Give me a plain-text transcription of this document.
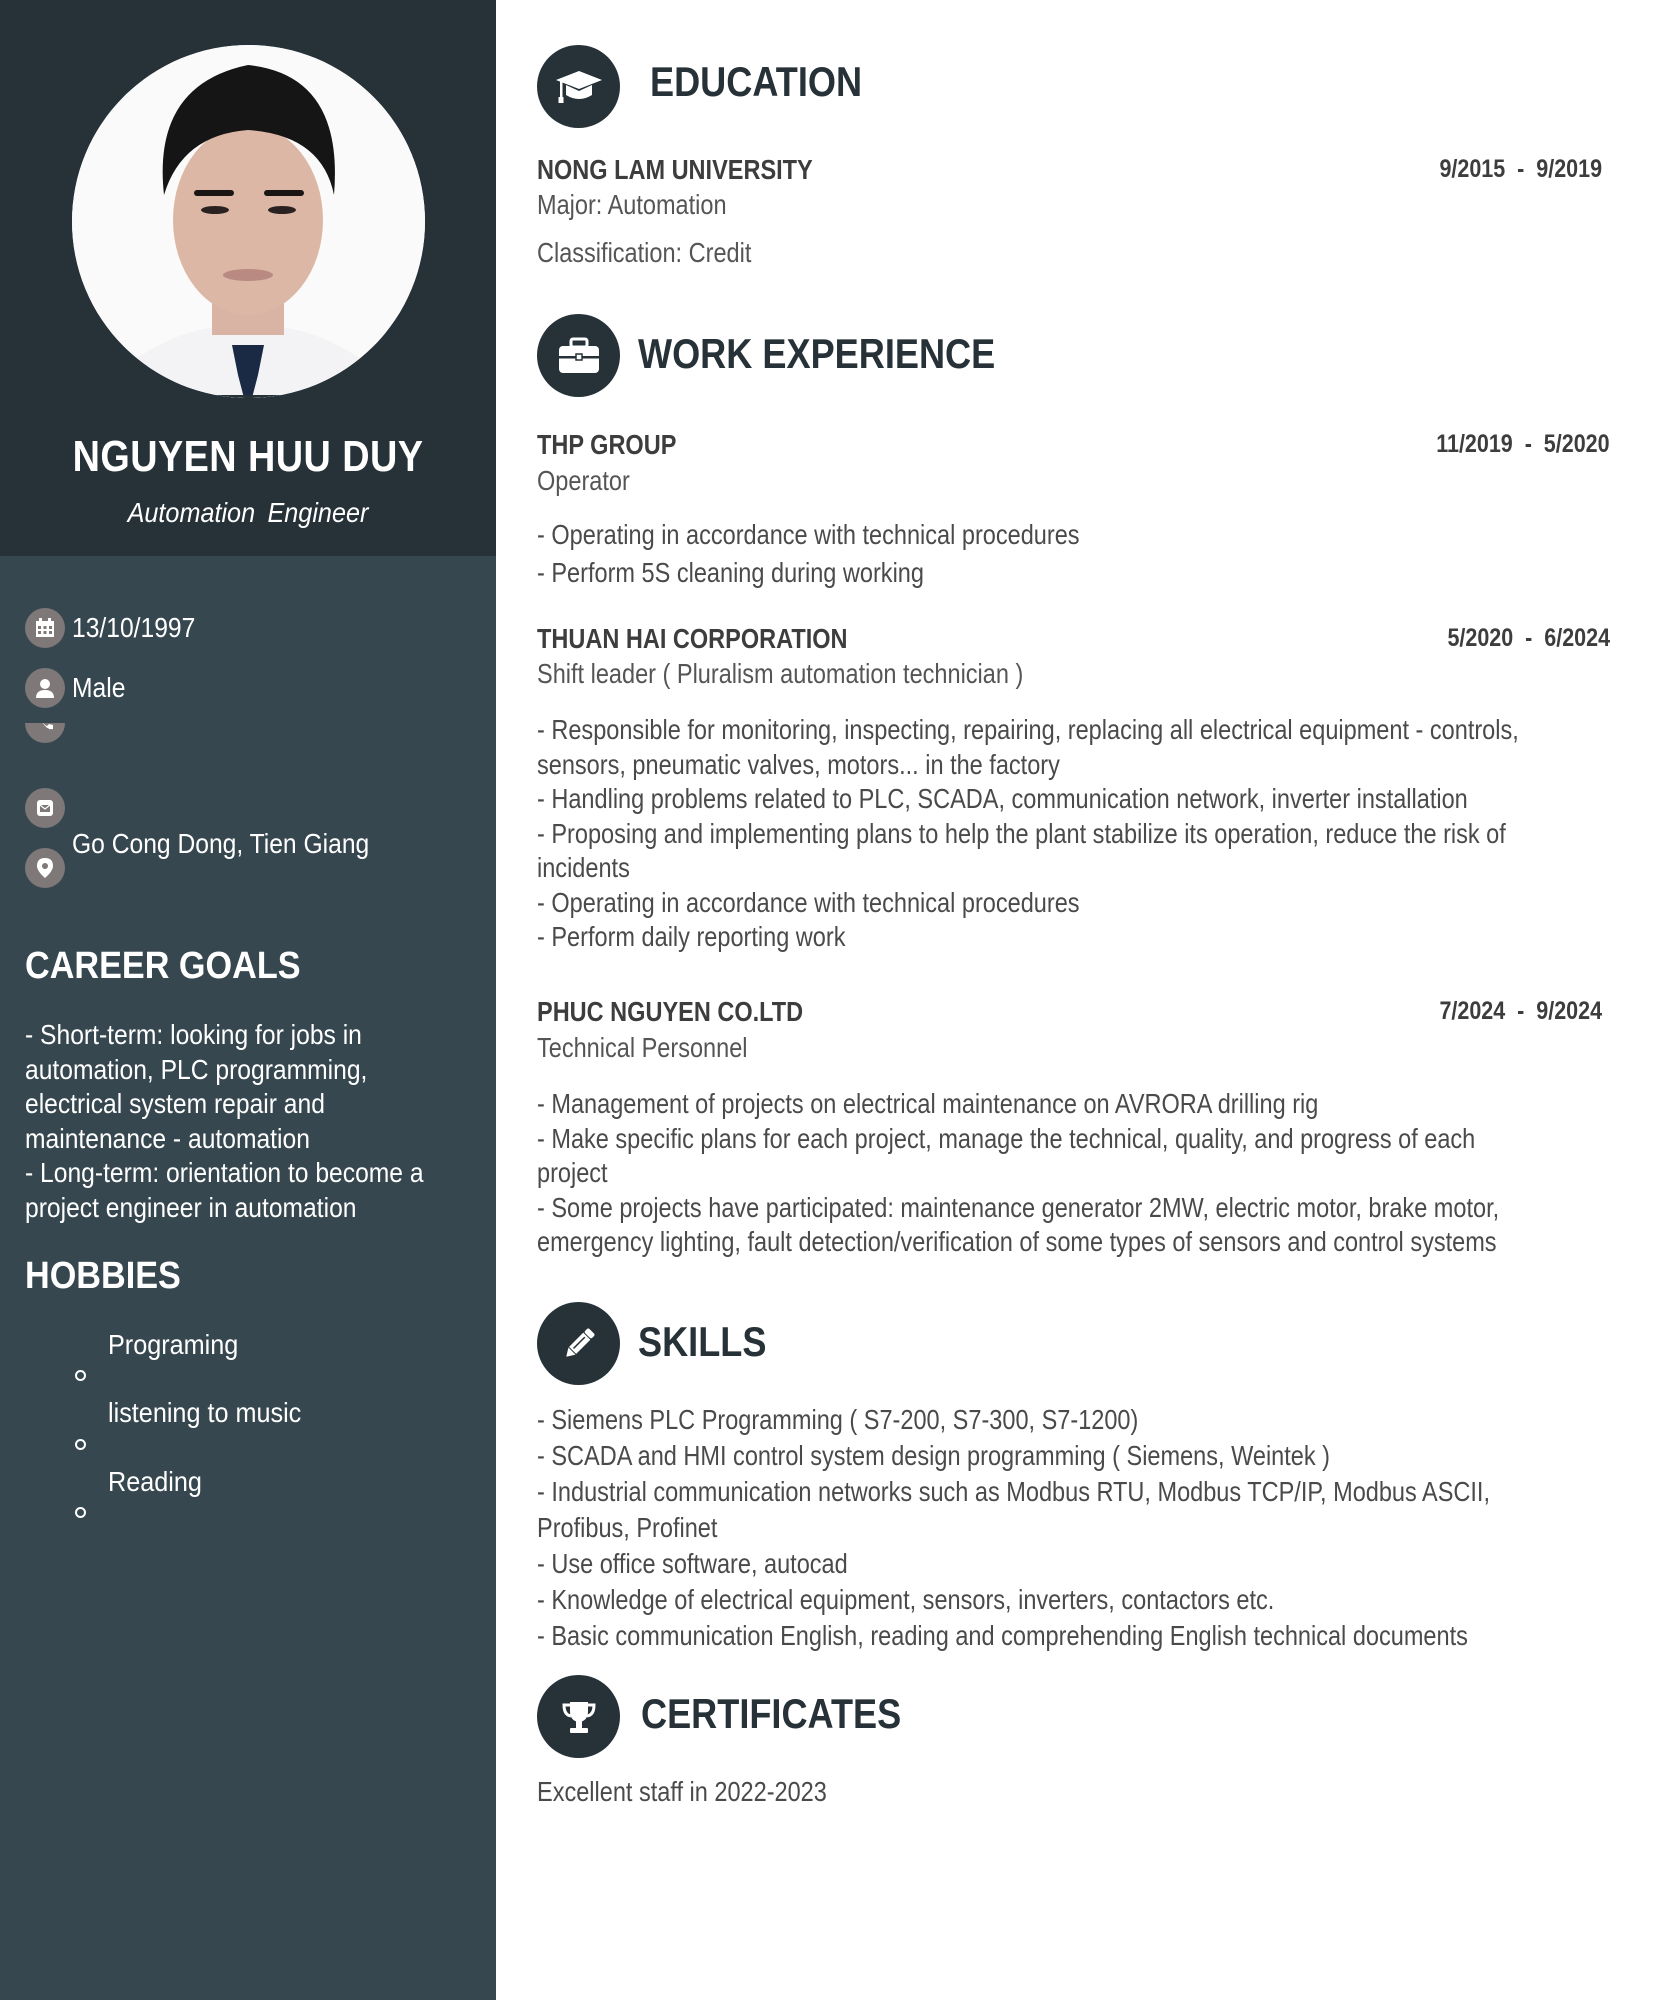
NGUYEN HUU DUY
Automation Engineer
13/10/1997
Male
Go Cong Dong, Tien Giang
CAREER GOALS
- Short-term: looking for jobs in
automation, PLC programming,
electrical system repair and
maintenance - automation
- Long-term: orientation to become a
project engineer in automation
HOBBIES
Programing
listening to music
Reading
EDUCATION
NONG LAM UNIVERSITY	9/2015  -  9/2019
Major: Automation
Classification: Credit
WORK EXPERIENCE
THP GROUP	11/2019  -  5/2020
Operator
- Operating in accordance with technical procedures
- Perform 5S cleaning during working
THUAN HAI CORPORATION	5/2020  -  6/2024
Shift leader ( Pluralism automation technician )
- Responsible for monitoring, inspecting, repairing, replacing all electrical equipment - controls,
sensors, pneumatic valves, motors... in the factory
- Handling problems related to PLC, SCADA, communication network, inverter installation
- Proposing and implementing plans to help the plant stabilize its operation, reduce the risk of
incidents
- Operating in accordance with technical procedures
- Perform daily reporting work
PHUC NGUYEN CO.LTD	7/2024  -  9/2024
Technical Personnel
- Management of projects on electrical maintenance on AVRORA drilling rig
- Make specific plans for each project, manage the technical, quality, and progress of each
project
- Some projects have participated: maintenance generator 2MW, electric motor, brake motor,
emergency lighting, fault detection/verification of some types of sensors and control systems
SKILLS
- Siemens PLC Programming ( S7-200, S7-300, S7-1200)
- SCADA and HMI control system design programming ( Siemens, Weintek )
- Industrial communication networks such as Modbus RTU, Modbus TCP/IP, Modbus ASCII,
Profibus, Profinet
- Use office software, autocad
- Knowledge of electrical equipment, sensors, inverters, contactors etc.
- Basic communication English, reading and comprehending English technical documents
CERTIFICATES
Excellent staff in 2022-2023
